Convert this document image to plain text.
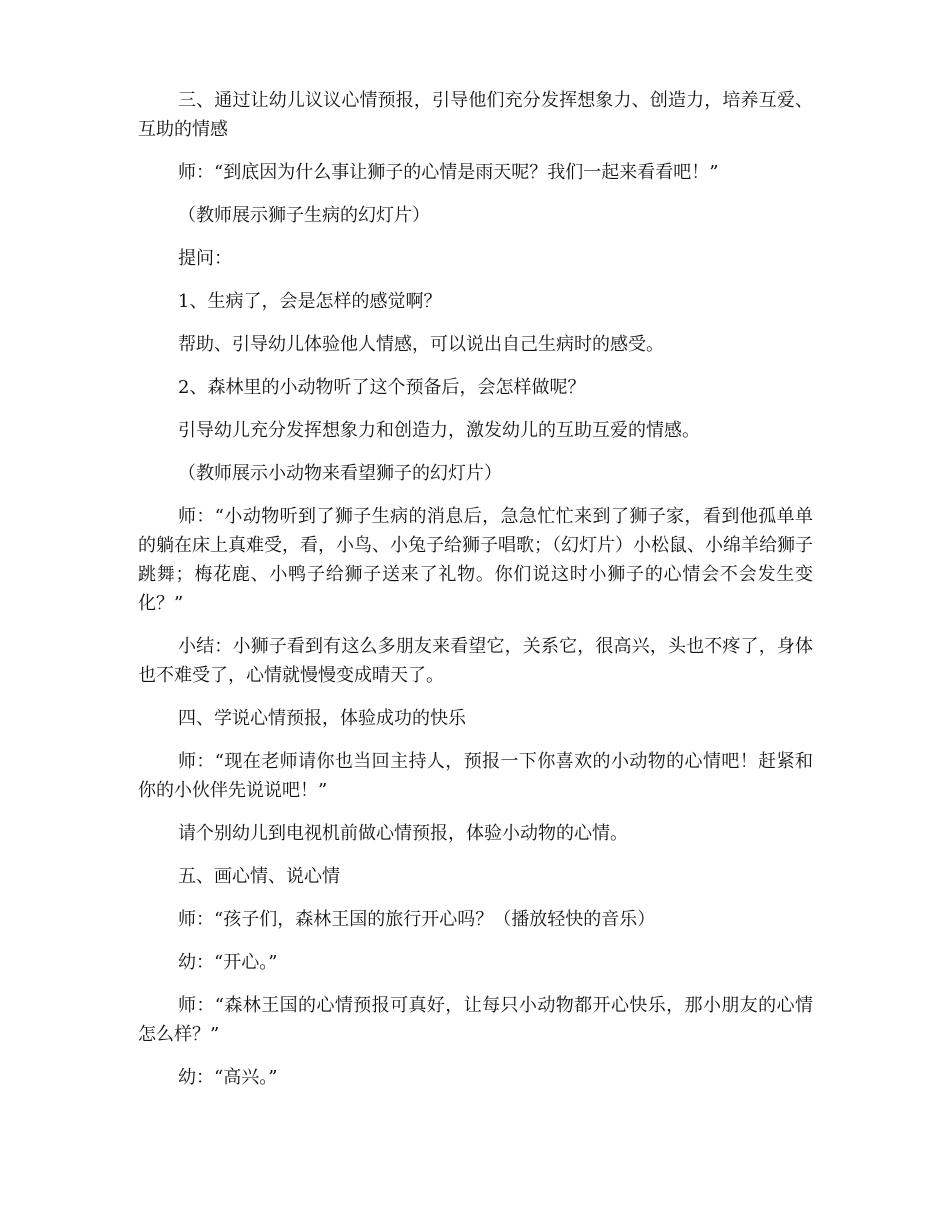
三、通过让幼儿议议心情预报，引导他们充分发挥想象力、创造力，培养互爱、互助的情感

师：“到底因为什么事让狮子的心情是雨天呢？我们一起来看看吧！”

（教师展示狮子生病的幻灯片）

提问：

1、生病了，会是怎样的感觉啊？

帮助、引导幼儿体验他人情感，可以说出自己生病时的感受。

2、森林里的小动物听了这个预备后，会怎样做呢？

引导幼儿充分发挥想象力和创造力，激发幼儿的互助互爱的情感。

（教师展示小动物来看望狮子的幻灯片）

师：“小动物听到了狮子生病的消息后，急急忙忙来到了狮子家，看到他孤单单的躺在床上真难受，看，小鸟、小兔子给狮子唱歌；（幻灯片）小松鼠、小绵羊给狮子跳舞；梅花鹿、小鸭子给狮子送来了礼物。你们说这时小狮子的心情会不会发生变化？”

小结：小狮子看到有这么多朋友来看望它，关系它，很高兴，头也不疼了，身体也不难受了，心情就慢慢变成晴天了。

四、学说心情预报，体验成功的快乐

师：“现在老师请你也当回主持人，预报一下你喜欢的小动物的心情吧！赶紧和你的小伙伴先说说吧！”

请个别幼儿到电视机前做心情预报，体验小动物的心情。

五、画心情、说心情

师：“孩子们，森林王国的旅行开心吗？（播放轻快的音乐）

幼：“开心。”

师：“森林王国的心情预报可真好，让每只小动物都开心快乐，那小朋友的心情怎么样？”

幼：“高兴。”
